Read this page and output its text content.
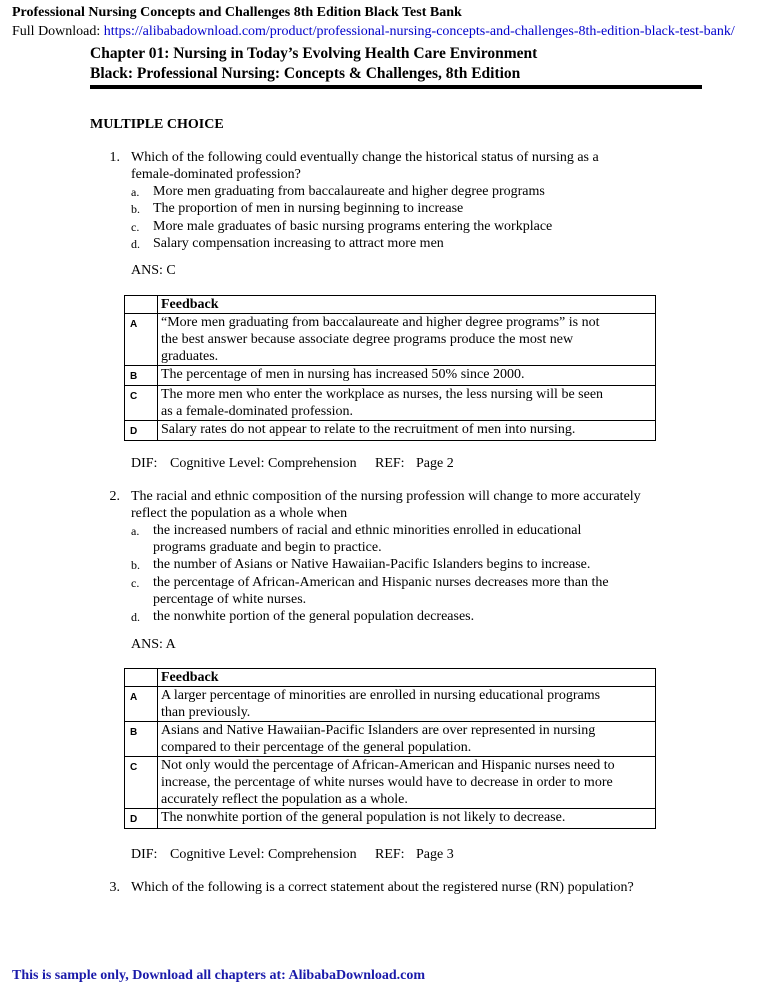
Professional Nursing Concepts and Challenges 8th Edition Black Test Bank
Full Download: https://alibabadownload.com/product/professional-nursing-concepts-and-challenges-8th-edition-black-test-bank/
Chapter 01: Nursing in Today’s Evolving Health Care Environment
Black: Professional Nursing: Concepts & Challenges, 8th Edition
MULTIPLE CHOICE
1. Which of the following could eventually change the historical status of nursing as a
female-dominated profession?
a. More men graduating from baccalaureate and higher degree programs
b. The proportion of men in nursing beginning to increase
c. More male graduates of basic nursing programs entering the workplace
d. Salary compensation increasing to attract more men
ANS: C
	Feedback
A	“More men graduating from baccalaureate and higher degree programs” is not
the best answer because associate degree programs produce the most new
graduates.

B	The percentage of men in nursing has increased 50% since 2000.

C	The more men who enter the workplace as nurses, the less nursing will be seen
as a female-dominated profession.

D	Salary rates do not appear to relate to the recruitment of men into nursing.
DIF: Cognitive Level: Comprehension REF: Page 2
2. The racial and ethnic composition of the nursing profession will change to more accurately
reflect the population as a whole when
a. the increased numbers of racial and ethnic minorities enrolled in educational
programs graduate and begin to practice.
b. the number of Asians or Native Hawaiian-Pacific Islanders begins to increase.
c. the percentage of African-American and Hispanic nurses decreases more than the
percentage of white nurses.
d. the nonwhite portion of the general population decreases.
ANS: A
	Feedback
A	A larger percentage of minorities are enrolled in nursing educational programs
than previously.

B	Asians and Native Hawaiian-Pacific Islanders are over represented in nursing
compared to their percentage of the general population.

C	Not only would the percentage of African-American and Hispanic nurses need to
increase, the percentage of white nurses would have to decrease in order to more
accurately reflect the population as a whole.

D	The nonwhite portion of the general population is not likely to decrease.
DIF: Cognitive Level: Comprehension REF: Page 3
3. Which of the following is a correct statement about the registered nurse (RN) population?
This is sample only, Download all chapters at: AlibabaDownload.com
